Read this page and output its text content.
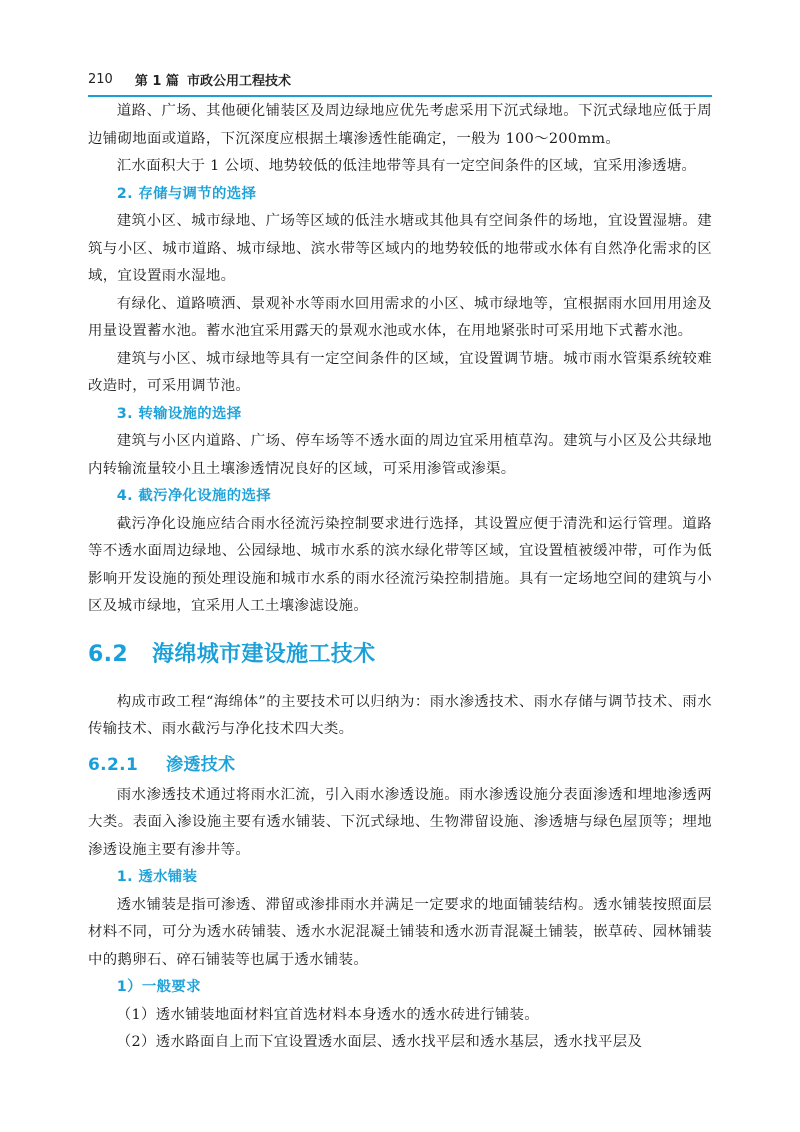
210 第 1 篇 市政公用工程技术

道路、广场、其他硬化铺装区及周边绿地应优先考虑采用下沉式绿地。下沉式绿地应低于周边铺砌地面或道路，下沉深度应根据土壤渗透性能确定，一般为 100～200mm。

汇水面积大于 1 公顷、地势较低的低洼地带等具有一定空间条件的区域，宜采用渗透塘。

2. 存储与调节的选择

建筑小区、城市绿地、广场等区域的低洼水塘或其他具有空间条件的场地，宜设置湿塘。建筑与小区、城市道路、城市绿地、滨水带等区域内的地势较低的地带或水体有自然净化需求的区域，宜设置雨水湿地。

有绿化、道路喷洒、景观补水等雨水回用需求的小区、城市绿地等，宜根据雨水回用用途及用量设置蓄水池。蓄水池宜采用露天的景观水池或水体，在用地紧张时可采用地下式蓄水池。

建筑与小区、城市绿地等具有一定空间条件的区域，宜设置调节塘。城市雨水管渠系统较难改造时，可采用调节池。

3. 转输设施的选择

建筑与小区内道路、广场、停车场等不透水面的周边宜采用植草沟。建筑与小区及公共绿地内转输流量较小且土壤渗透情况良好的区域，可采用渗管或渗渠。

4. 截污净化设施的选择

截污净化设施应结合雨水径流污染控制要求进行选择，其设置应便于清洗和运行管理。道路等不透水面周边绿地、公园绿地、城市水系的滨水绿化带等区域，宜设置植被缓冲带，可作为低影响开发设施的预处理设施和城市水系的雨水径流污染控制措施。具有一定场地空间的建筑与小区及城市绿地，宜采用人工土壤渗滤设施。

6.2	海绵城市建设施工技术

构成市政工程“海绵体”的主要技术可以归纳为：雨水渗透技术、雨水存储与调节技术、雨水传输技术、雨水截污与净化技术四大类。

6.2.1	渗透技术

雨水渗透技术通过将雨水汇流，引入雨水渗透设施。雨水渗透设施分表面渗透和埋地渗透两大类。表面入渗设施主要有透水铺装、下沉式绿地、生物滞留设施、渗透塘与绿色屋顶等；埋地渗透设施主要有渗井等。

1. 透水铺装

透水铺装是指可渗透、滞留或渗排雨水并满足一定要求的地面铺装结构。透水铺装按照面层材料不同，可分为透水砖铺装、透水水泥混凝土铺装和透水沥青混凝土铺装，嵌草砖、园林铺装中的鹅卵石、碎石铺装等也属于透水铺装。

1）一般要求

（1）透水铺装地面材料宜首选材料本身透水的透水砖进行铺装。

（2）透水路面自上而下宜设置透水面层、透水找平层和透水基层，透水找平层及
